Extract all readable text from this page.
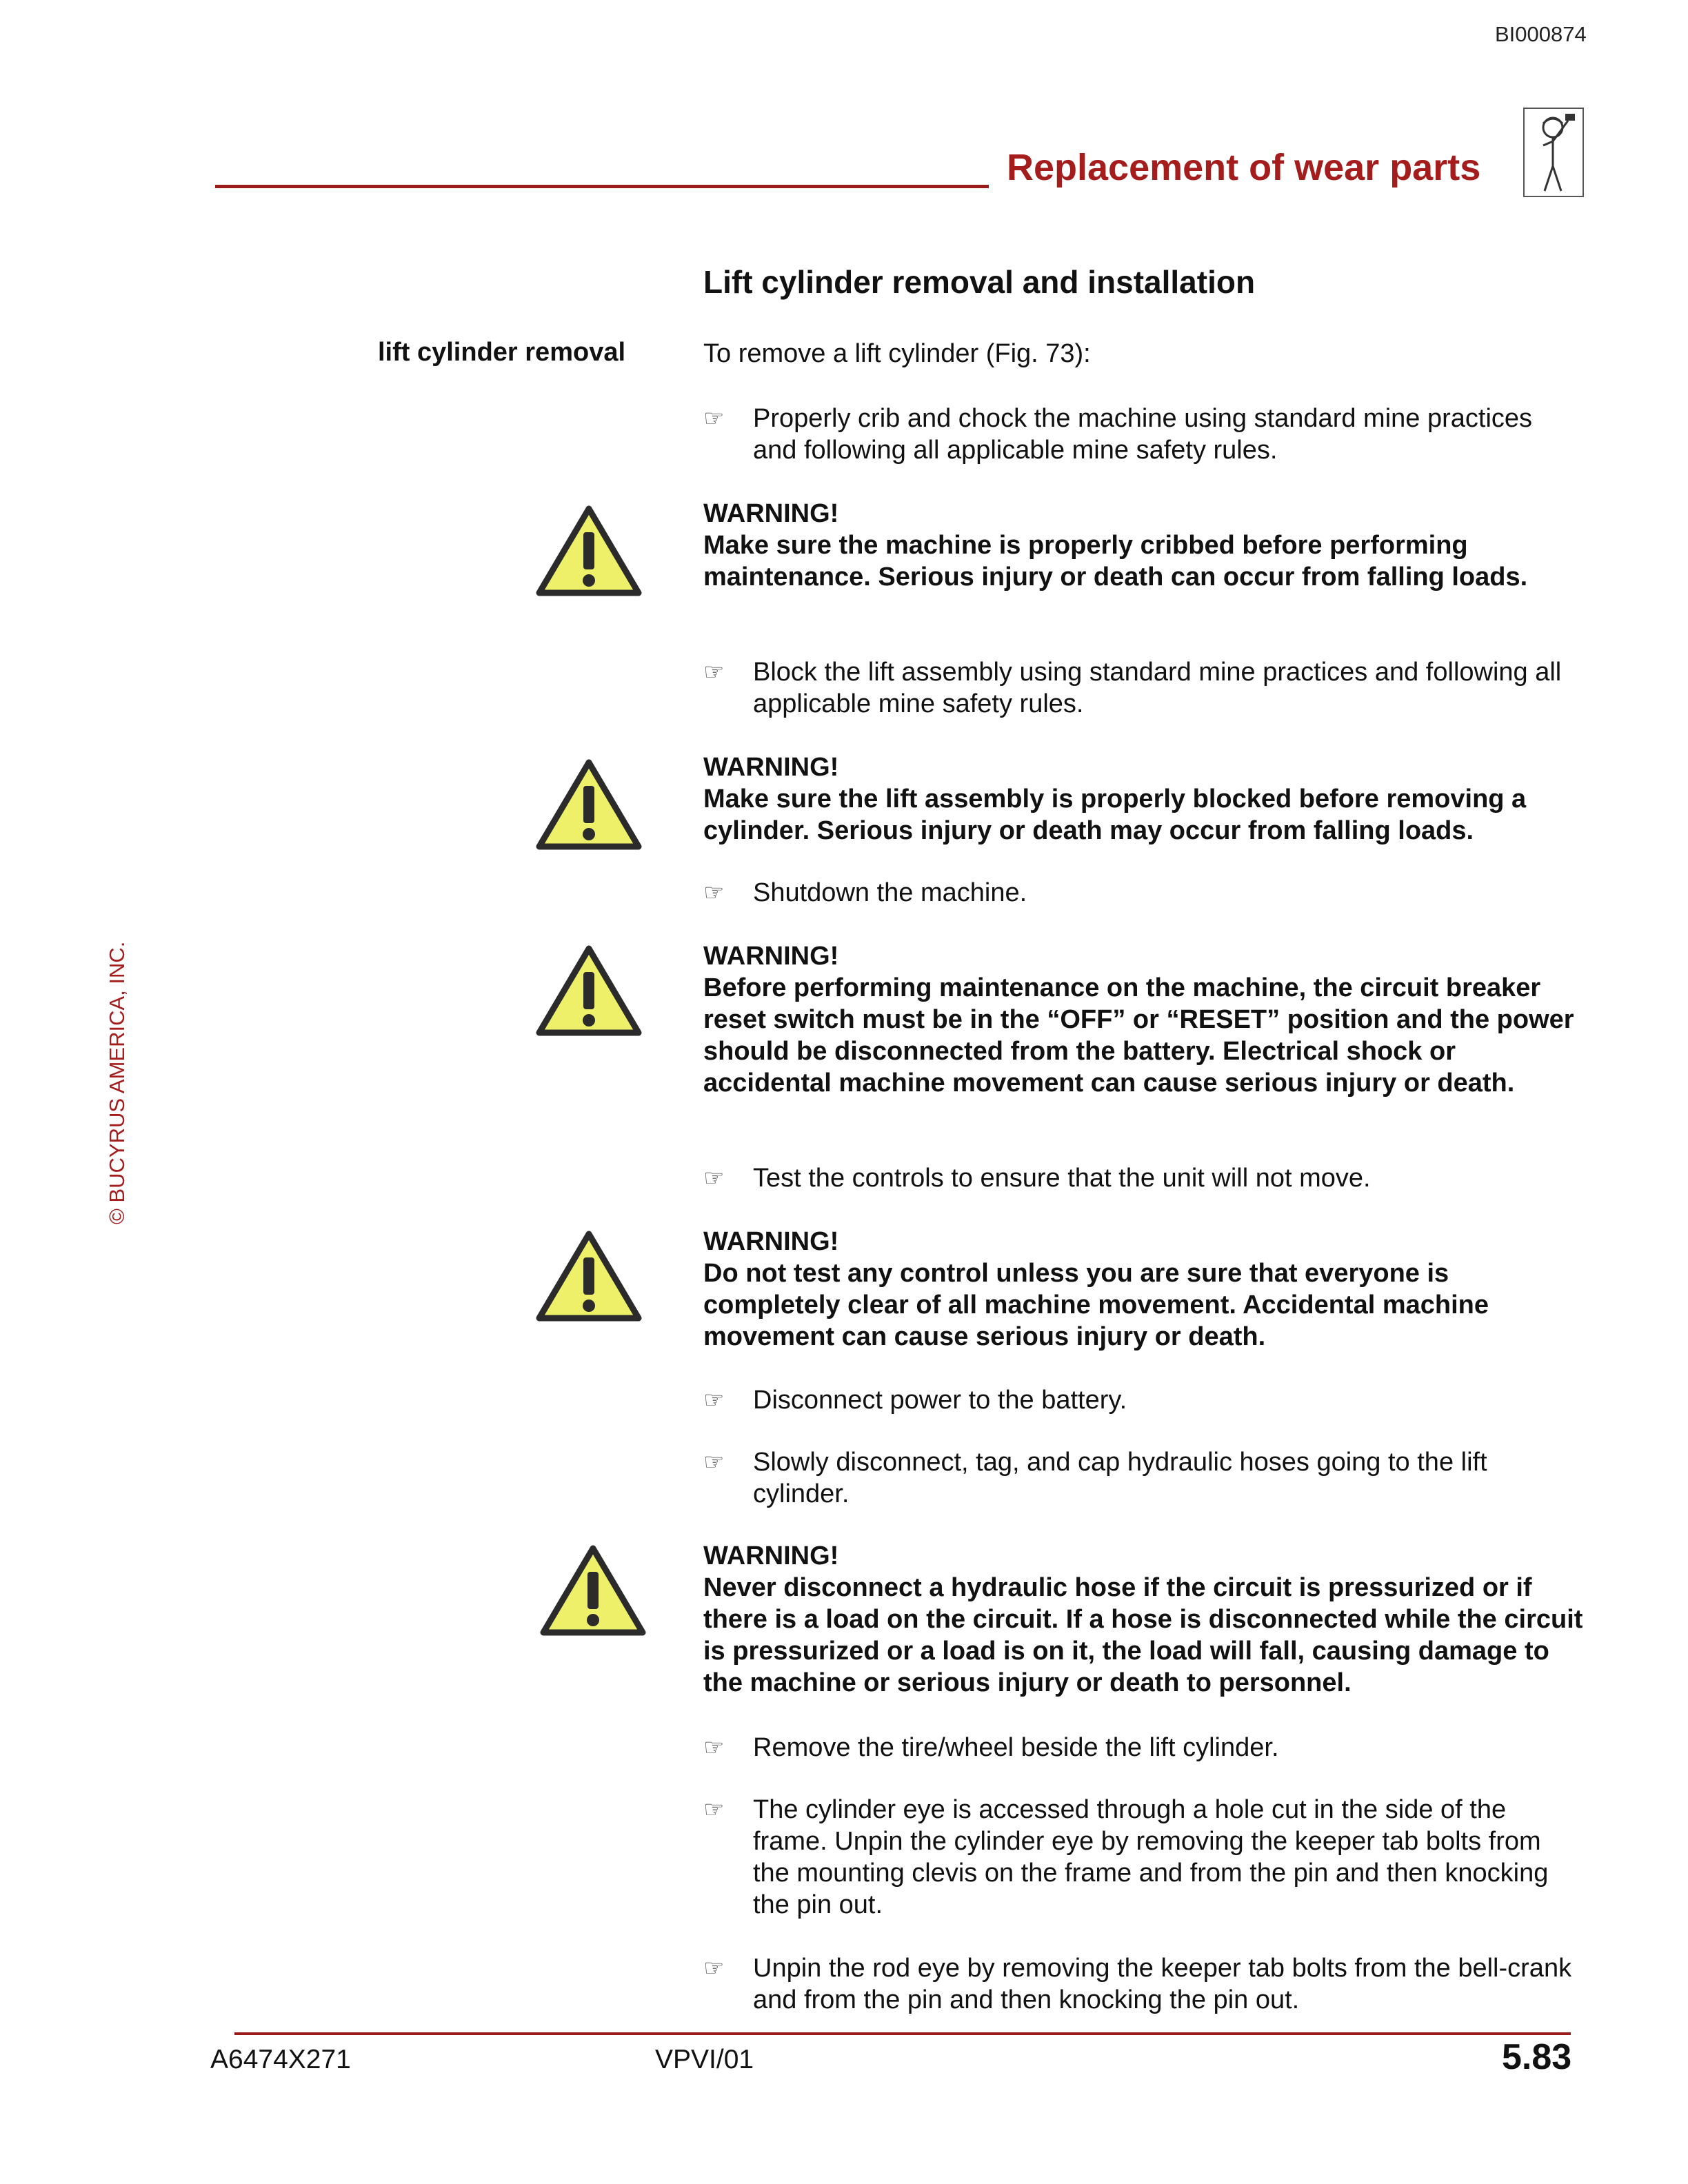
BI000874
Replacement of wear parts
Lift cylinder removal and installation
lift cylinder removal	To remove a lift cylinder (Fig. 73):
☞ Properly crib and chock the machine using standard mine practices and following all applicable mine safety rules.
WARNING!
Make sure the machine is properly cribbed before performing maintenance. Serious injury or death can occur from falling loads.
☞ Block the lift assembly using standard mine practices and following all applicable mine safety rules.
WARNING!
Make sure the lift assembly is properly blocked before removing a cylinder. Serious injury or death may occur from falling loads.
☞ Shutdown the machine.
WARNING!
Before performing maintenance on the machine, the circuit breaker reset switch must be in the “OFF” or “RESET” position and the power should be disconnected from the battery. Electrical shock or accidental machine movement can cause serious injury or death.
☞ Test the controls to ensure that the unit will not move.
WARNING!
Do not test any control unless you are sure that everyone is completely clear of all machine movement. Accidental machine movement can cause serious injury or death.
☞ Disconnect power to the battery.
☞ Slowly disconnect, tag, and cap hydraulic hoses going to the lift cylinder.
WARNING!
Never disconnect a hydraulic hose if the circuit is pressurized or if there is a load on the circuit. If a hose is disconnected while the circuit is pressurized or a load is on it, the load will fall, causing damage to the machine or serious injury or death to personnel.
☞ Remove the tire/wheel beside the lift cylinder.
☞ The cylinder eye is accessed through a hole cut in the side of the frame. Unpin the cylinder eye by removing the keeper tab bolts from the mounting clevis on the frame and from the pin and then knocking the pin out.
☞ Unpin the rod eye by removing the keeper tab bolts from the bell-crank and from the pin and then knocking the pin out.
© BUCYRUS AMERICA, INC.
A6474X271	VPVI/01	5.83
